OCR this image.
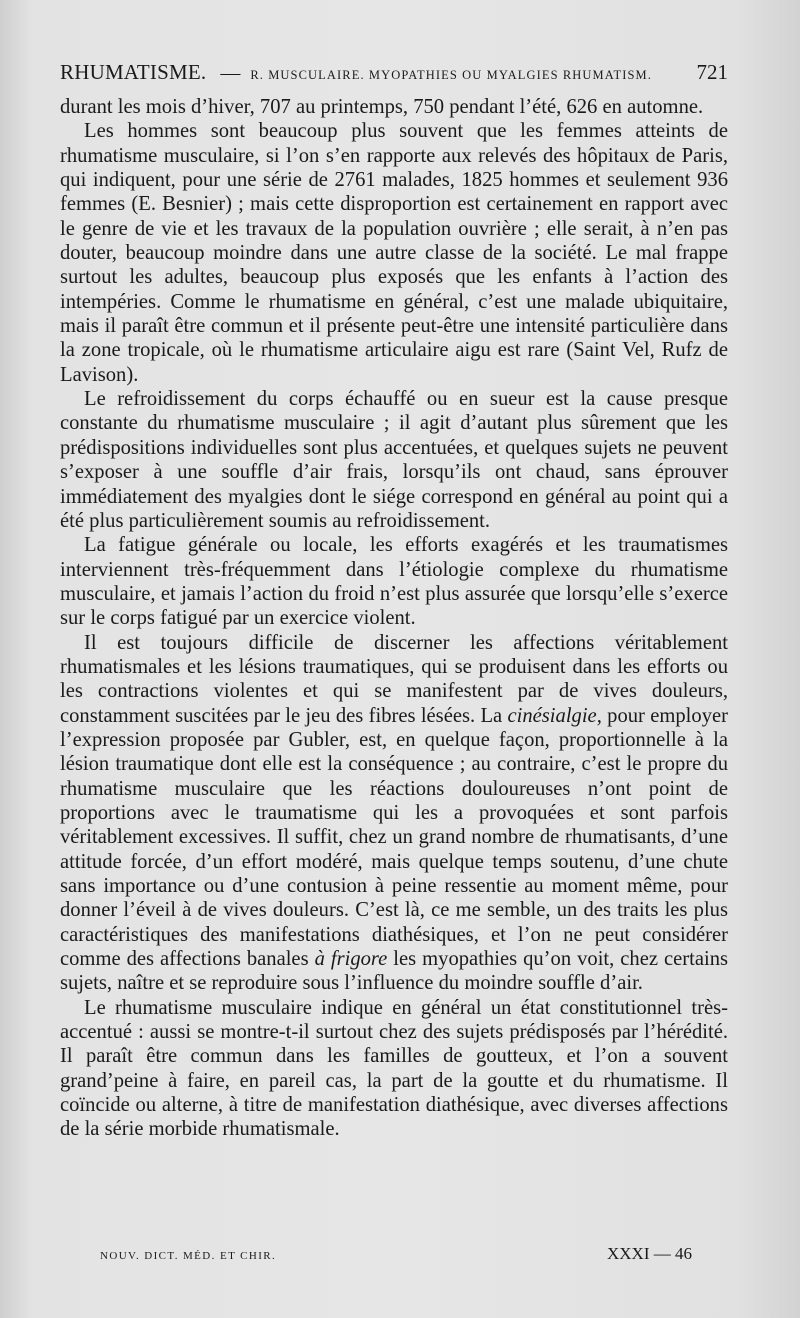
RHUMATISME. — R. MUSCULAIRE. MYOPATHIES OU MYALGIES RHUMATISM.	721

durant les mois d’hiver, 707 au printemps, 750 pendant l’été, 626 en automne.

Les hommes sont beaucoup plus souvent que les femmes atteints de rhumatisme musculaire, si l’on s’en rapporte aux relevés des hôpitaux de Paris, qui indiquent, pour une série de 2761 malades, 1825 hommes et seulement 936 femmes (E. Besnier) ; mais cette disproportion est certainement en rapport avec le genre de vie et les travaux de la population ouvrière ; elle serait, à n’en pas douter, beaucoup moindre dans une autre classe de la société. Le mal frappe surtout les adultes, beaucoup plus exposés que les enfants à l’action des intempéries. Comme le rhumatisme en général, c’est une malade ubiquitaire, mais il paraît être commun et il présente peut-être une intensité particulière dans la zone tropicale, où le rhumatisme articulaire aigu est rare (Saint Vel, Rufz de Lavison).

Le refroidissement du corps échauffé ou en sueur est la cause presque constante du rhumatisme musculaire ; il agit d’autant plus sûrement que les prédispositions individuelles sont plus accentuées, et quelques sujets ne peuvent s’exposer à une souffle d’air frais, lorsqu’ils ont chaud, sans éprouver immédiatement des myalgies dont le siége correspond en général au point qui a été plus particulièrement soumis au refroidissement.

La fatigue générale ou locale, les efforts exagérés et les traumatismes interviennent très-fréquemment dans l’étiologie complexe du rhumatisme musculaire, et jamais l’action du froid n’est plus assurée que lorsqu’elle s’exerce sur le corps fatigué par un exercice violent.

Il est toujours difficile de discerner les affections véritablement rhumatismales et les lésions traumatiques, qui se produisent dans les efforts ou les contractions violentes et qui se manifestent par de vives douleurs, constamment suscitées par le jeu des fibres lésées. La cinésialgie, pour employer l’expression proposée par Gubler, est, en quelque façon, proportionnelle à la lésion traumatique dont elle est la conséquence ; au contraire, c’est le propre du rhumatisme musculaire que les réactions douloureuses n’ont point de proportions avec le traumatisme qui les a provoquées et sont parfois véritablement excessives. Il suffit, chez un grand nombre de rhumatisants, d’une attitude forcée, d’un effort modéré, mais quelque temps soutenu, d’une chute sans importance ou d’une contusion à peine ressentie au moment même, pour donner l’éveil à de vives douleurs. C’est là, ce me semble, un des traits les plus caractéristiques des manifestations diathésiques, et l’on ne peut considérer comme des affections banales à frigore les myopathies qu’on voit, chez certains sujets, naître et se reproduire sous l’influence du moindre souffle d’air.

Le rhumatisme musculaire indique en général un état constitutionnel très-accentué : aussi se montre-t-il surtout chez des sujets prédisposés par l’hérédité. Il paraît être commun dans les familles de goutteux, et l’on a souvent grand’peine à faire, en pareil cas, la part de la goutte et du rhumatisme. Il coïncide ou alterne, à titre de manifestation diathésique, avec diverses affections de la série morbide rhumatismale.

NOUV. DICT. MÉD. ET CHIR.	XXXI — 46
